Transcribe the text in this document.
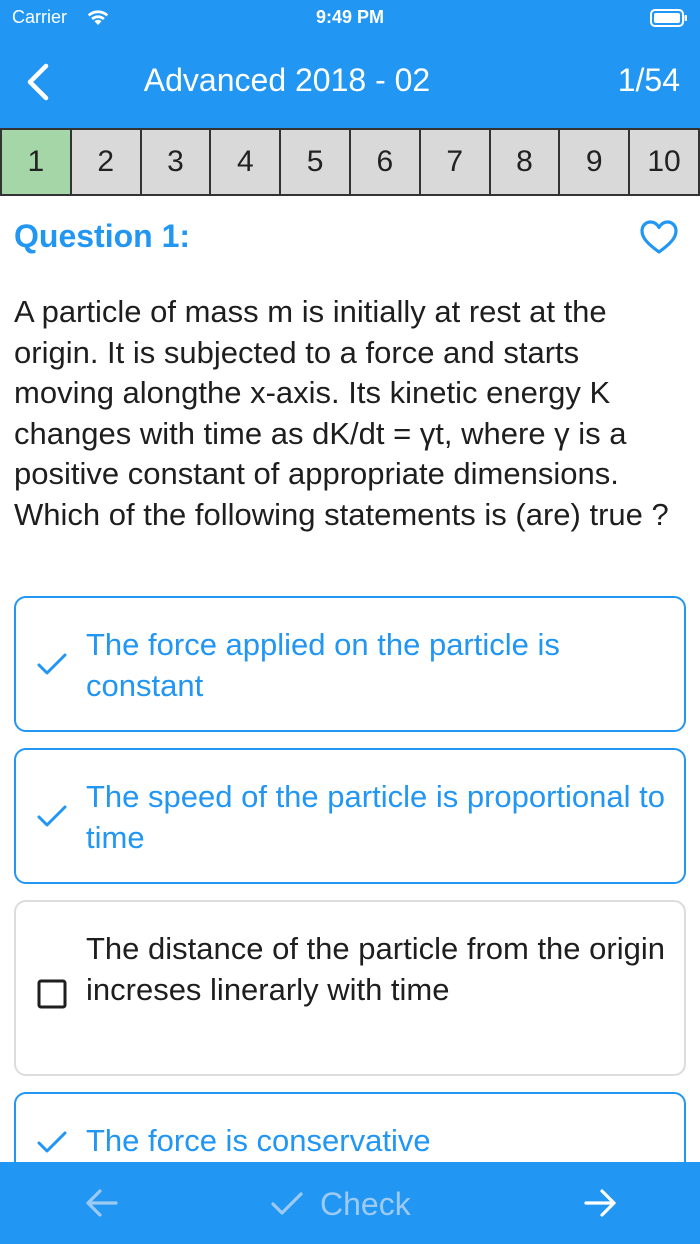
Carrier	9:49 PM
Advanced 2018 - 02	1/54
1	2	3	4	5	6	7	8	9	10
Question 1:
A particle of mass m is initially at rest at the origin. It is subjected to a force and starts moving alongthe x-axis. Its kinetic energy K changes with time as dK/dt = γt, where γ is a positive constant of appropriate dimensions. Which of the following statements is (are) true ?
The force applied on the particle is constant
The speed of the particle is proportional to time
The distance of the particle from the origin increses linerarly with time
The force is conservative
Check
